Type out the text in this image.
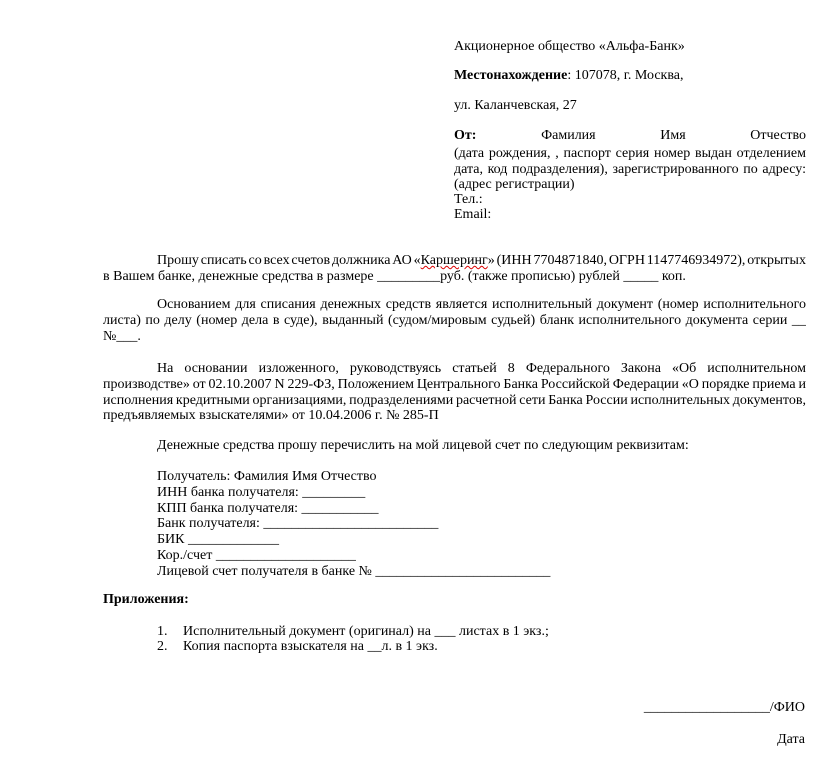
Акционерное общество «Альфа-Банк»
Местонахождение: 107078, г. Москва,
ул. Каланчевская, 27
От:	Фамилия	Имя	Отчество
(дата рождения, , паспорт серия номер выдан отделением
дата, код подразделения), зарегистрированного по адресу:
(адрес регистрации)
Тел.:
Email:
Прошу списать со всех счетов должника АО «Каршеринг» (ИНН 7704871840, ОГРН 1147746934972), открытых
в Вашем банке, денежные средства в размере _________руб. (также прописью) рублей _____ коп.
Основанием для списания денежных средств является исполнительный документ (номер исполнительного
листа) по делу (номер дела в суде), выданный (судом/мировым судьей) бланк исполнительного документа серии __
№___.
На основании изложенного, руководствуясь статьей 8 Федерального Закона «Об исполнительном
производстве» от 02.10.2007 N 229-ФЗ, Положением Центрального Банка Российской Федерации «О порядке приема и
исполнения кредитными организациями, подразделениями расчетной сети Банка России исполнительных документов,
предъявляемых взыскателями» от 10.04.2006 г. № 285-П
Денежные средства прошу перечислить на мой лицевой счет по следующим реквизитам:
Получатель: Фамилия Имя Отчество
ИНН банка получателя: _________
КПП банка получателя: ___________
Банк получателя: _________________________
БИК _____________
Кор./счет ____________________
Лицевой счет получателя в банке № _________________________
Приложения:
1. Исполнительный документ (оригинал) на ___ листах в 1 экз.;
2. Копия паспорта взыскателя на __л. в 1 экз.
__________________/ФИО
Дата
